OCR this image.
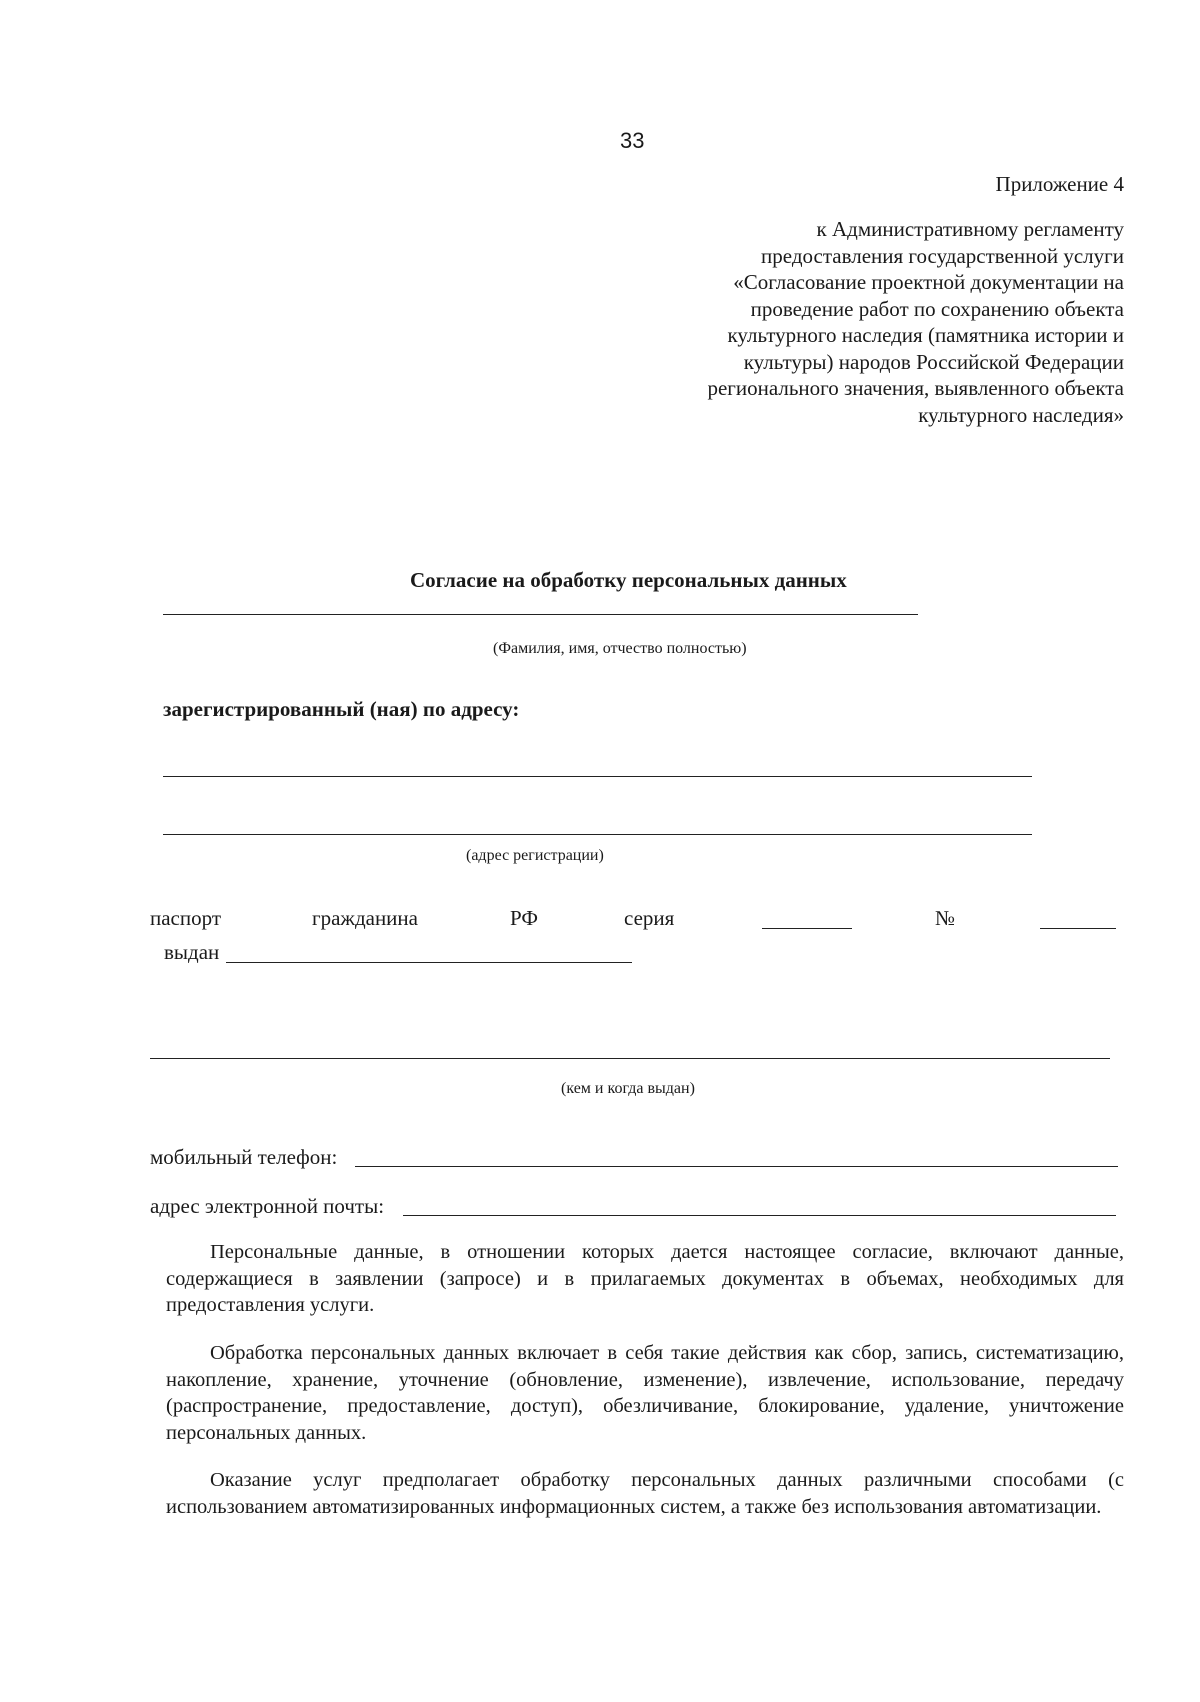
33
Приложение 4
к Административному регламенту
предоставления государственной услуги
«Согласование проектной документации на
проведение работ по сохранению объекта
культурного наследия (памятника истории и
культуры) народов Российской Федерации
регионального значения, выявленного объекта
культурного наследия»
Согласие на обработку персональных данных
(Фамилия, имя, отчество полностью)
зарегистрированный (ная) по адресу:
(адрес регистрации)
паспорт	гражданина	РФ	серия	№
выдан
(кем и когда выдан)
мобильный телефон:
адрес электронной почты:
Персональные данные, в отношении которых дается настоящее согласие, включают данные, содержащиеся в заявлении (запросе) и в прилагаемых документах в объемах, необходимых для предоставления услуги.
Обработка персональных данных включает в себя такие действия как сбор, запись, систематизацию, накопление, хранение, уточнение (обновление, изменение), извлечение, использование, передачу (распространение, предоставление, доступ), обезличивание, блокирование, удаление, уничтожение персональных данных.
Оказание услуг предполагает обработку персональных данных различными способами (с использованием автоматизированных информационных систем, а также без использования автоматизации.
